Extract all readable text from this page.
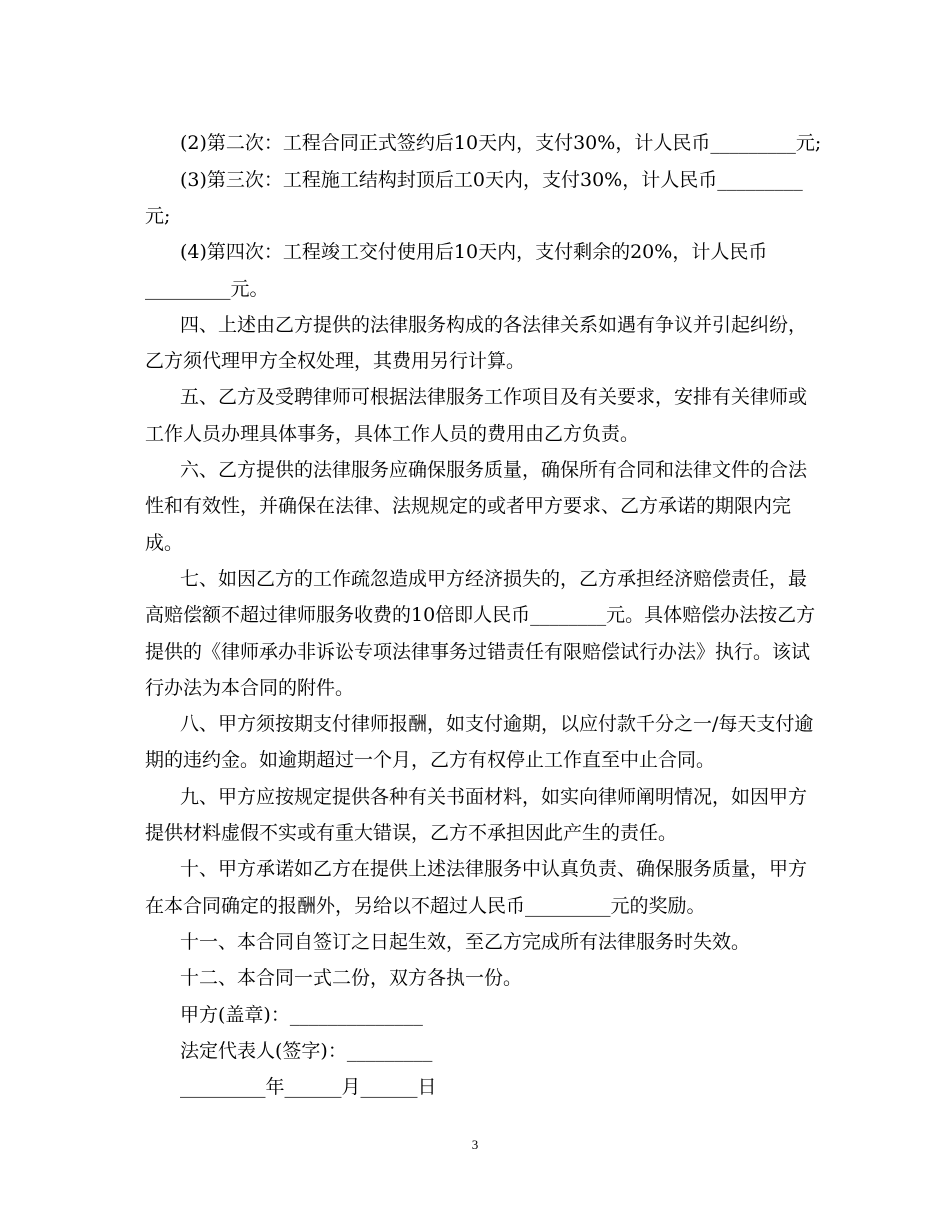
(2)第二次：工程合同正式签约后10天内，支付30%，计人民币_________元;
(3)第三次：工程施工结构封顶后工0天内，支付30%，计人民币_________
元;
(4)第四次：工程竣工交付使用后10天内，支付剩余的20%，计人民币
_________元。
四、上述由乙方提供的法律服务构成的各法律关系如遇有争议并引起纠纷，
乙方须代理甲方全权处理，其费用另行计算。
五、乙方及受聘律师可根据法律服务工作项目及有关要求，安排有关律师或
工作人员办理具体事务，具体工作人员的费用由乙方负责。
六、乙方提供的法律服务应确保服务质量，确保所有合同和法律文件的合法
性和有效性，并确保在法律、法规规定的或者甲方要求、乙方承诺的期限内完
成。
七、如因乙方的工作疏忽造成甲方经济损失的，乙方承担经济赔偿责任，最
高赔偿额不超过律师服务收费的10倍即人民币________元。具体赔偿办法按乙方
提供的《律师承办非诉讼专项法律事务过错责任有限赔偿试行办法》执行。该试
行办法为本合同的附件。
八、甲方须按期支付律师报酬，如支付逾期，以应付款千分之一/每天支付逾
期的违约金。如逾期超过一个月，乙方有权停止工作直至中止合同。
九、甲方应按规定提供各种有关书面材料，如实向律师阐明情况，如因甲方
提供材料虚假不实或有重大错误，乙方不承担因此产生的责任。
十、甲方承诺如乙方在提供上述法律服务中认真负责、确保服务质量，甲方
在本合同确定的报酬外，另给以不超过人民币_________元的奖励。
十一、本合同自签订之日起生效，至乙方完成所有法律服务时失效。
十二、本合同一式二份，双方各执一份。
甲方(盖章)：______________
法定代表人(签字)：_________
_________年______月______日
3
